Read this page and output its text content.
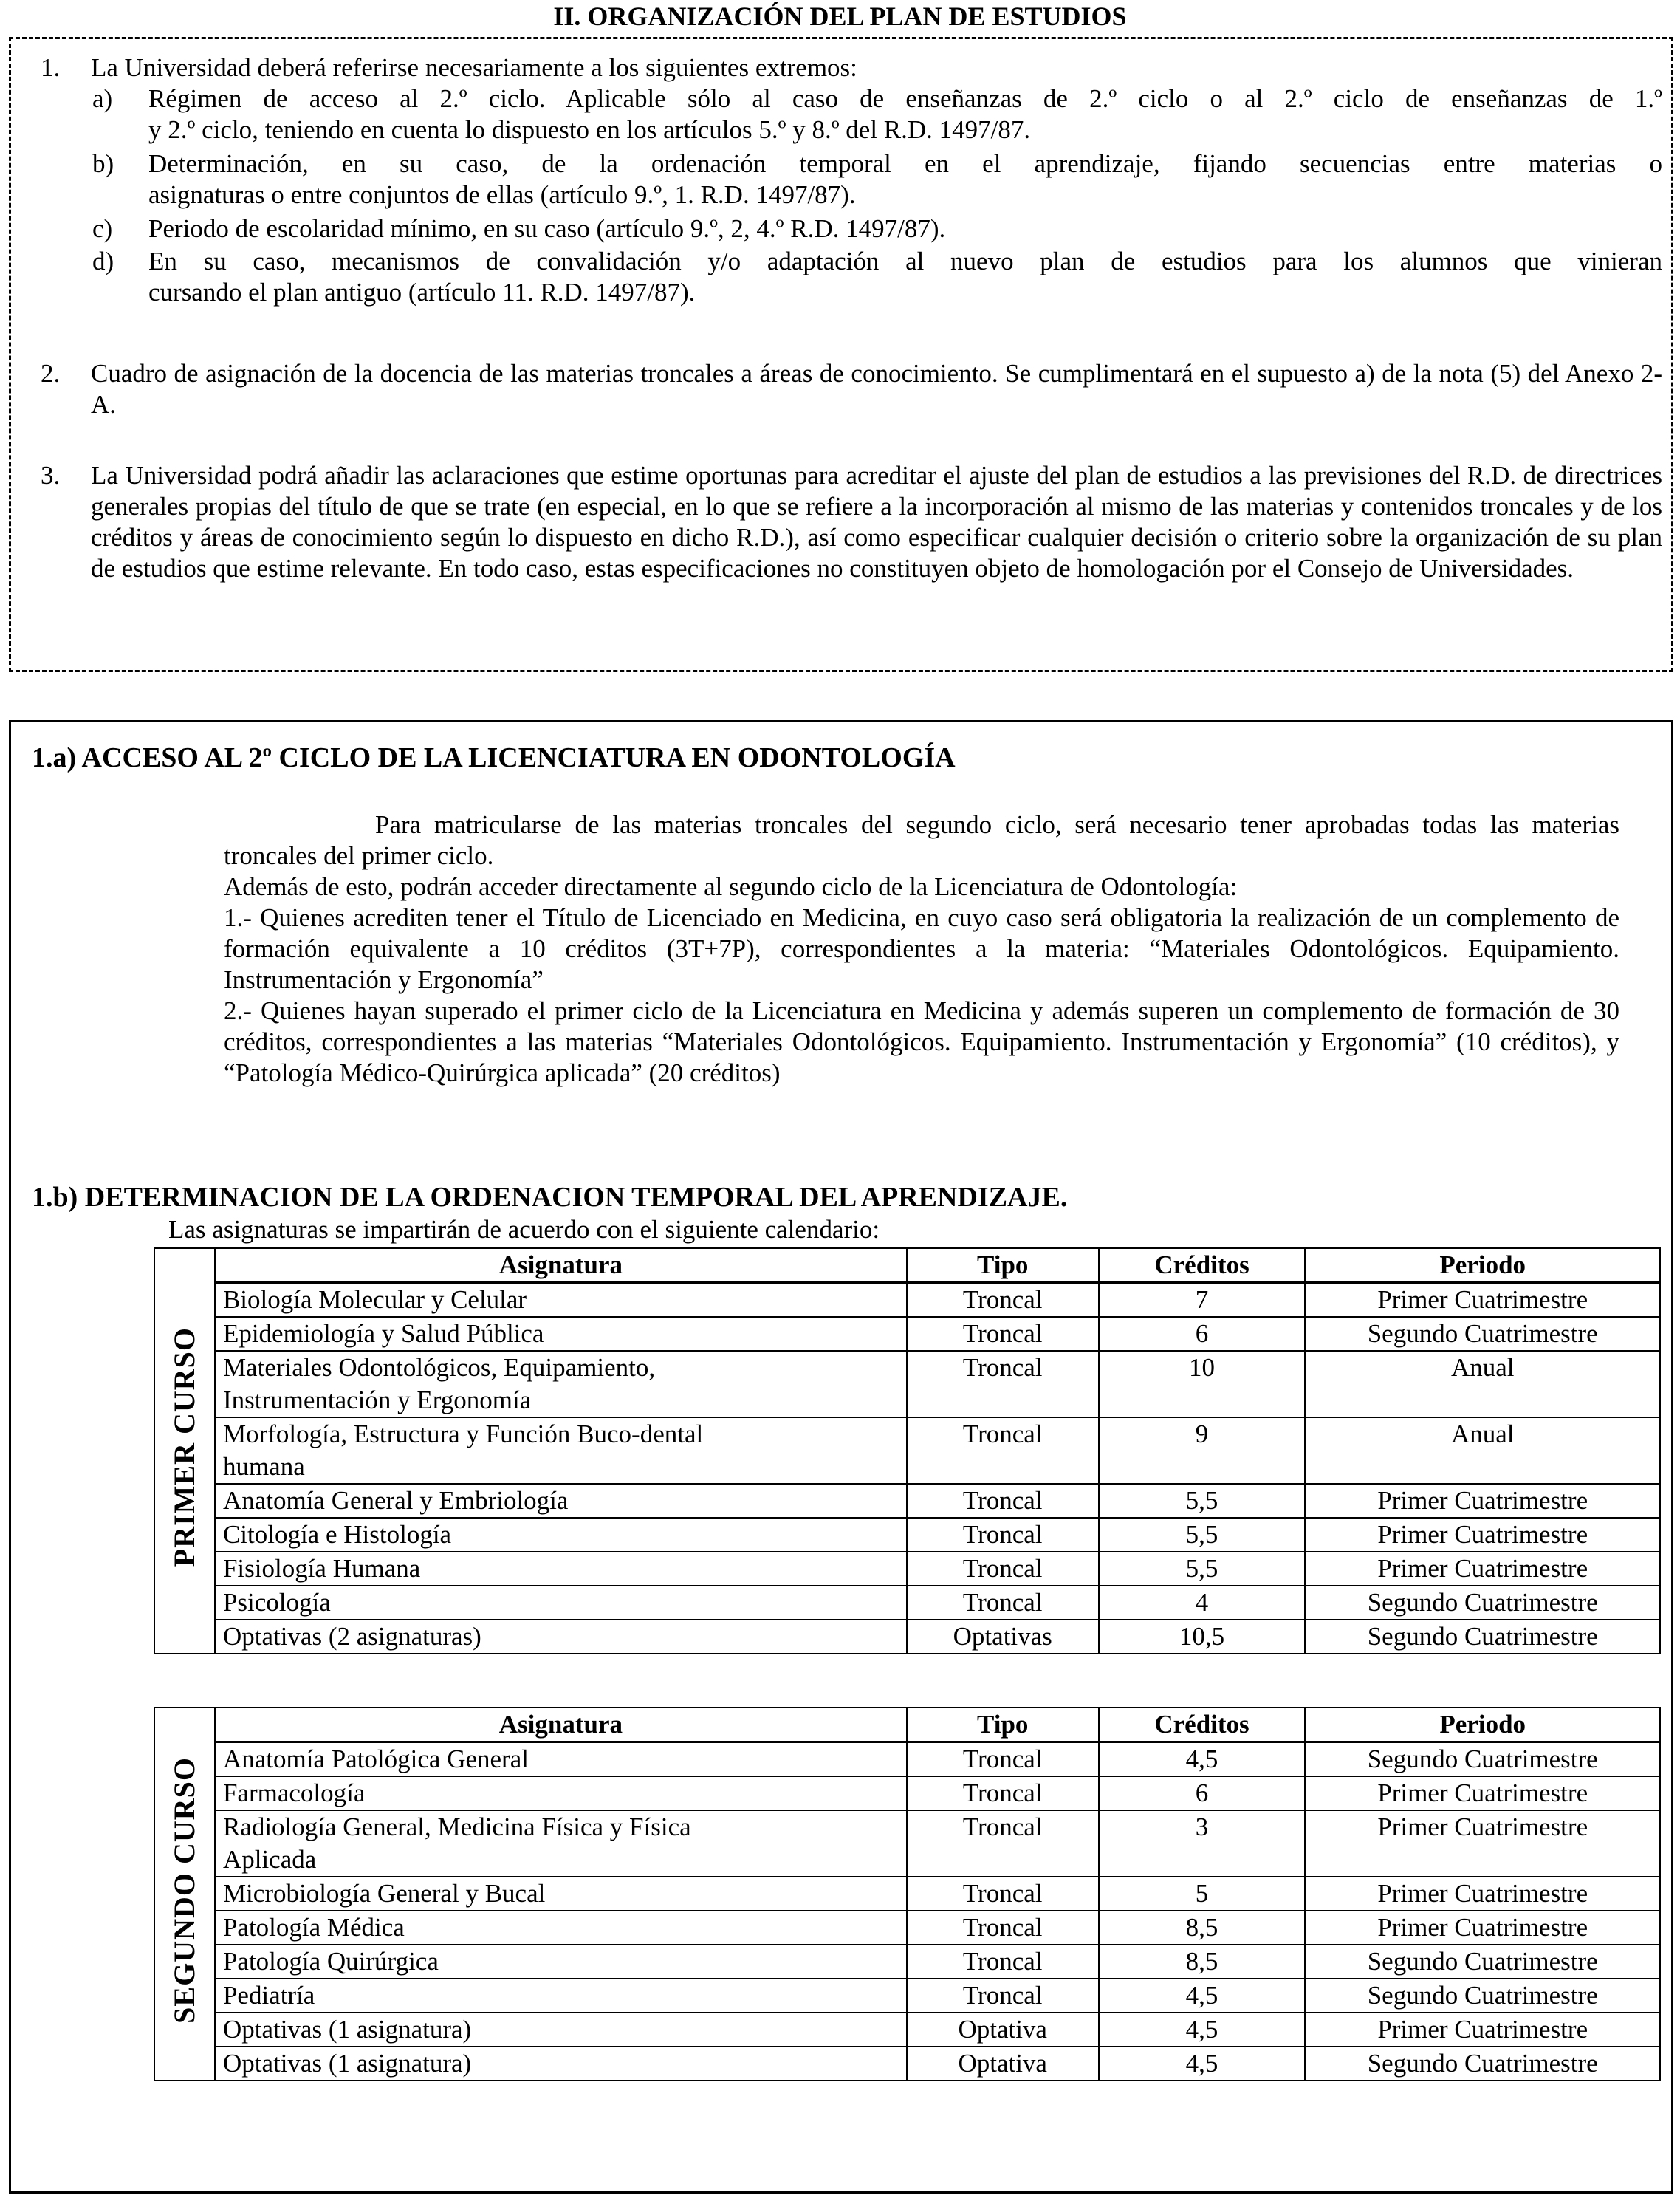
II. ORGANIZACIÓN DEL PLAN DE ESTUDIOS
1. La Universidad deberá referirse necesariamente a los siguientes extremos:
a) Régimen de acceso al 2.º ciclo. Aplicable sólo al caso de enseñanzas de 2.º ciclo o al 2.º ciclo de enseñanzas de 1.º
y 2.º ciclo, teniendo en cuenta lo dispuesto en los artículos 5.º y 8.º del R.D. 1497/87.
b) Determinación, en su caso, de la ordenación temporal en el aprendizaje, fijando secuencias entre materias o
asignaturas o entre conjuntos de ellas (artículo 9.º, 1. R.D. 1497/87).
c) Periodo de escolaridad mínimo, en su caso (artículo 9.º, 2, 4.º R.D. 1497/87).
d) En su caso, mecanismos de convalidación y/o adaptación al nuevo plan de estudios para los alumnos que vinieran
cursando el plan antiguo (artículo 11. R.D. 1497/87).
2. Cuadro de asignación de la docencia de las materias troncales a áreas de conocimiento. Se cumplimentará en el supuesto a) de la nota (5) del Anexo 2-A.
3. La Universidad podrá añadir las aclaraciones que estime oportunas para acreditar el ajuste del plan de estudios a las previsiones del R.D. de directrices generales propias del título de que se trate (en especial, en lo que se refiere a la incorporación al mismo de las materias y contenidos troncales y de los créditos y áreas de conocimiento según lo dispuesto en dicho R.D.), así como especificar cualquier decisión o criterio sobre la organización de su plan de estudios que estime relevante. En todo caso, estas especificaciones no constituyen objeto de homologación por el Consejo de Universidades.
1.a) ACCESO AL 2º CICLO DE LA LICENCIATURA EN ODONTOLOGÍA
Para matricularse de las materias troncales del segundo ciclo, será necesario tener aprobadas todas las materias troncales del primer ciclo.
Además de esto, podrán acceder directamente al segundo ciclo de la Licenciatura de Odontología:
1.- Quienes acrediten tener el Título de Licenciado en Medicina, en cuyo caso será obligatoria la realización de un complemento de formación equivalente a 10 créditos (3T+7P), correspondientes a la materia: “Materiales Odontológicos. Equipamiento. Instrumentación y Ergonomía”
2.- Quienes hayan superado el primer ciclo de la Licenciatura en Medicina y además superen un complemento de formación de 30 créditos, correspondientes a las materias “Materiales Odontológicos. Equipamiento. Instrumentación y Ergonomía” (10 créditos), y “Patología Médico-Quirúrgica aplicada” (20 créditos)
1.b) DETERMINACION DE LA ORDENACION TEMPORAL DEL APRENDIZAJE.
Las asignaturas se impartirán de acuerdo con el siguiente calendario:
PRIMER CURSO	Asignatura	Tipo	Créditos	Periodo
	Biología Molecular y Celular	Troncal	7	Primer Cuatrimestre
	Epidemiología y Salud Pública	Troncal	6	Segundo Cuatrimestre
	Materiales Odontológicos, Equipamiento,
Instrumentación y Ergonomía	Troncal	10	Anual
	Morfología, Estructura y Función Buco-dental
humana	Troncal	9	Anual
	Anatomía General y Embriología	Troncal	5,5	Primer Cuatrimestre
	Citología e Histología	Troncal	5,5	Primer Cuatrimestre
	Fisiología Humana	Troncal	5,5	Primer Cuatrimestre
	Psicología	Troncal	4	Segundo Cuatrimestre
	Optativas (2 asignaturas)	Optativas	10,5	Segundo Cuatrimestre
SEGUNDO CURSO	Asignatura	Tipo	Créditos	Periodo
	Anatomía Patológica General	Troncal	4,5	Segundo Cuatrimestre
	Farmacología	Troncal	6	Primer Cuatrimestre
	Radiología General, Medicina Física y Física
Aplicada	Troncal	3	Primer Cuatrimestre
	Microbiología General y Bucal	Troncal	5	Primer Cuatrimestre
	Patología Médica	Troncal	8,5	Primer Cuatrimestre
	Patología Quirúrgica	Troncal	8,5	Segundo Cuatrimestre
	Pediatría	Troncal	4,5	Segundo Cuatrimestre
	Optativas (1 asignatura)	Optativa	4,5	Primer Cuatrimestre
	Optativas (1 asignatura)	Optativa	4,5	Segundo Cuatrimestre
